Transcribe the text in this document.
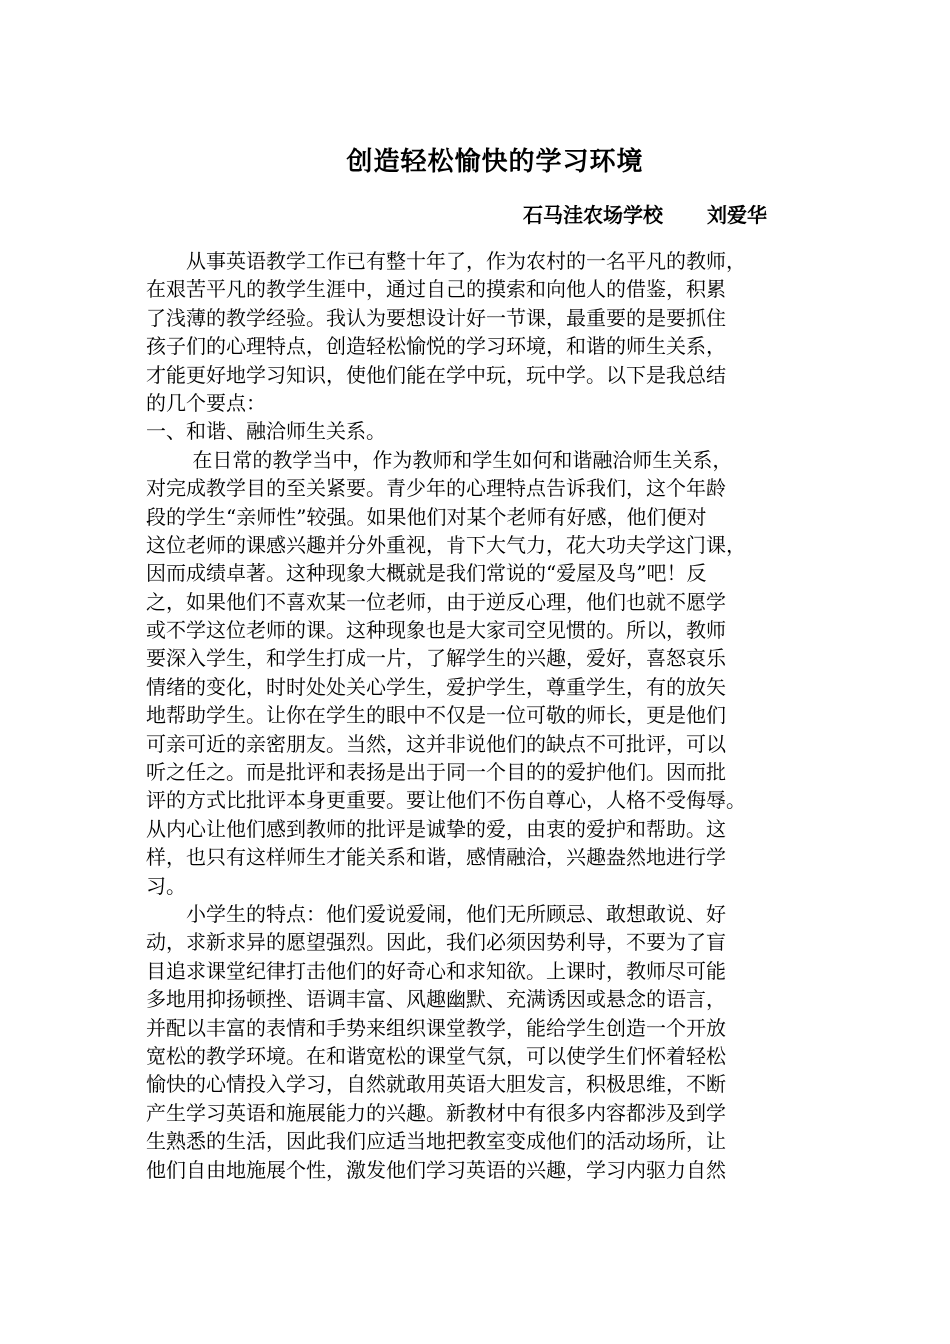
创造轻松愉快的学习环境
石马洼农场学校 刘爱华
　　从事英语教学工作已有整十年了，作为农村的一名平凡的教师，
在艰苦平凡的教学生涯中，通过自己的摸索和向他人的借鉴，积累
了浅薄的教学经验。我认为要想设计好一节课，最重要的是要抓住
孩子们的心理特点，创造轻松愉悦的学习环境，和谐的师生关系，
才能更好地学习知识，使他们能在学中玩，玩中学。以下是我总结
的几个要点：
一、和谐、融洽师生关系。
　　 在日常的教学当中，作为教师和学生如何和谐融洽师生关系，
对完成教学目的至关紧要。青少年的心理特点告诉我们，这个年龄
段的学生“亲师性”较强。如果他们对某个老师有好感，他们便对
这位老师的课感兴趣并分外重视，肯下大气力，花大功夫学这门课，
因而成绩卓著。这种现象大概就是我们常说的“爱屋及鸟”吧！反
之，如果他们不喜欢某一位老师，由于逆反心理，他们也就不愿学
或不学这位老师的课。这种现象也是大家司空见惯的。所以，教师
要深入学生，和学生打成一片，了解学生的兴趣，爱好，喜怒哀乐
情绪的变化，时时处处关心学生，爱护学生，尊重学生，有的放矢
地帮助学生。让你在学生的眼中不仅是一位可敬的师长，更是他们
可亲可近的亲密朋友。当然，这并非说他们的缺点不可批评，可以
听之任之。而是批评和表扬是出于同一个目的的爱护他们。因而批
评的方式比批评本身更重要。要让他们不伤自尊心，人格不受侮辱。
从内心让他们感到教师的批评是诚挚的爱，由衷的爱护和帮助。这
样，也只有这样师生才能关系和谐，感情融洽，兴趣盎然地进行学
习。
　　小学生的特点：他们爱说爱闹，他们无所顾忌、敢想敢说、好
动，求新求异的愿望强烈。因此，我们必须因势利导，不要为了盲
目追求课堂纪律打击他们的好奇心和求知欲。上课时，教师尽可能
多地用抑扬顿挫、语调丰富、风趣幽默、充满诱因或悬念的语言，
并配以丰富的表情和手势来组织课堂教学，能给学生创造一个开放
宽松的教学环境。在和谐宽松的课堂气氛，可以使学生们怀着轻松
愉快的心情投入学习，自然就敢用英语大胆发言，积极思维，不断
产生学习英语和施展能力的兴趣。新教材中有很多内容都涉及到学
生熟悉的生活，因此我们应适当地把教室变成他们的活动场所，让
他们自由地施展个性，激发他们学习英语的兴趣，学习内驱力自然
